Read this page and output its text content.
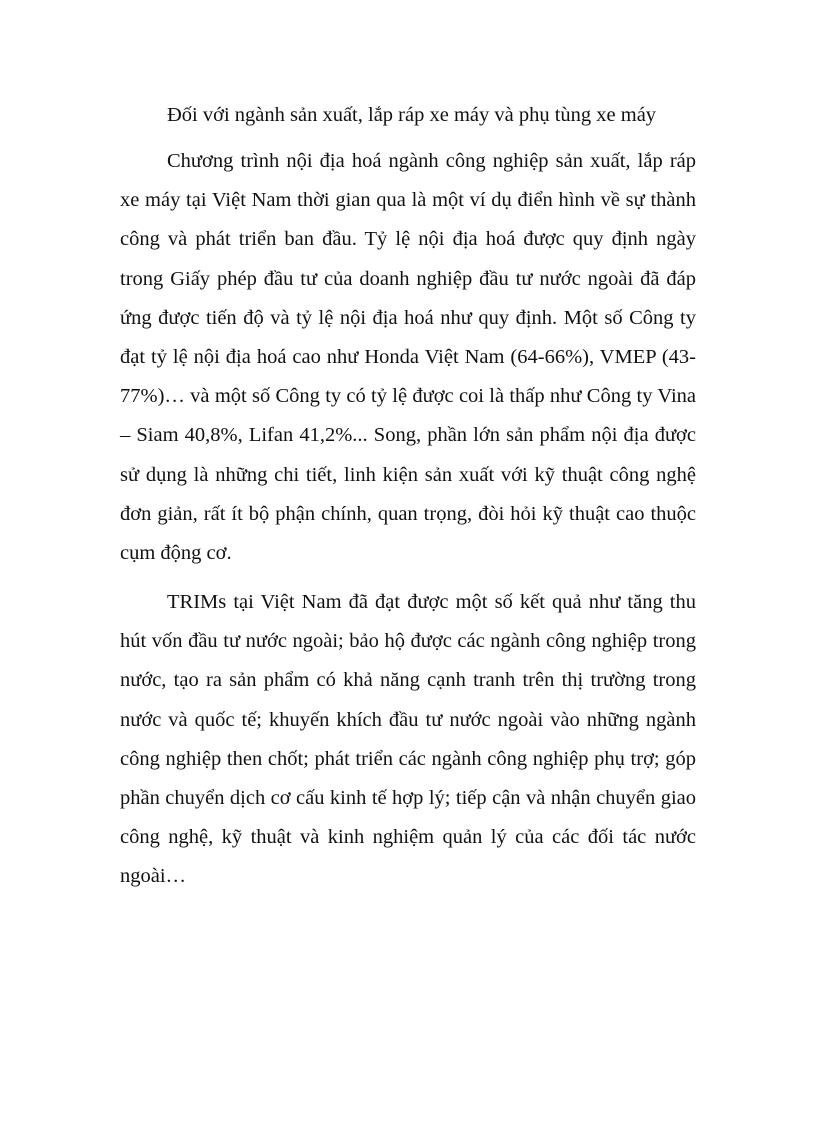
Đối với ngành sản xuất, lắp ráp xe máy và phụ tùng xe máy

Chương trình nội địa hoá ngành công nghiệp sản xuất, lắp ráp xe máy tại Việt Nam thời gian qua là một ví dụ điển hình về sự thành công và phát triển ban đầu. Tỷ lệ nội địa hoá được quy định ngày trong Giấy phép đầu tư của doanh nghiệp đầu tư nước ngoài đã đáp ứng được tiến độ và tỷ lệ nội địa hoá như quy định. Một số Công ty đạt tỷ lệ nội địa hoá cao như Honda Việt Nam (64-66%), VMEP (43-77%)… và một số Công ty có tỷ lệ được coi là thấp như Công ty Vina – Siam 40,8%, Lifan 41,2%... Song, phần lớn sản phẩm nội địa được sử dụng là những chi tiết, linh kiện sản xuất với kỹ thuật công nghệ đơn giản, rất ít bộ phận chính, quan trọng, đòi hỏi kỹ thuật cao thuộc cụm động cơ.

TRIMs tại Việt Nam đã đạt được một số kết quả như tăng thu hút vốn đầu tư nước ngoài; bảo hộ được các ngành công nghiệp trong nước, tạo ra sản phẩm có khả năng cạnh tranh trên thị trường trong nước và quốc tế; khuyến khích đầu tư nước ngoài vào những ngành công nghiệp then chốt; phát triển các ngành công nghiệp phụ trợ; góp phần chuyển dịch cơ cấu kinh tế hợp lý; tiếp cận và nhận chuyển giao công nghệ, kỹ thuật và kinh nghiệm quản lý của các đối tác nước ngoài…
